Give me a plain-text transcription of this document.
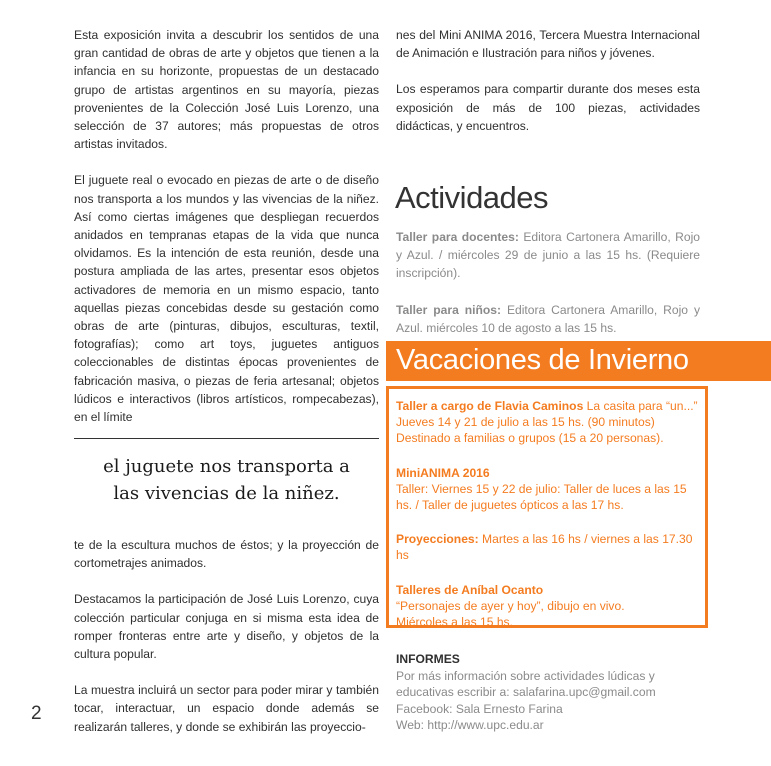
Esta exposición invita a descubrir los sentidos de una gran cantidad de obras de arte y objetos que tienen a la infancia en su horizonte, propuestas de un destacado grupo de artistas argentinos en su mayoría, piezas provenientes de la Colección José Luis Lorenzo, una selección de 37 autores; más propuestas de otros artistas invitados.

El juguete real o evocado en piezas de arte o de diseño nos transporta a los mundos y las vivencias de la niñez. Así como ciertas imágenes que despliegan recuerdos anidados en tempranas etapas de la vida que nunca olvidamos. Es la intención de esta reunión, desde una postura ampliada de las artes, presentar esos objetos activadores de memoria en un mismo espacio, tanto aquellas piezas concebidas desde su gestación como obras de arte (pinturas, dibujos, esculturas, textil, fotografías); como art toys, juguetes antiguos coleccionables de distintas épocas provenientes de fabricación masiva, o piezas de feria artesanal; objetos lúdicos e interactivos (libros artísticos, rompecabezas), en el límite

el juguete nos transporta a
las vivencias de la niñez.

te de la escultura muchos de éstos; y la proyección de cortometrajes animados.

Destacamos la participación de José Luis Lorenzo, cuya colección particular conjuga en si misma esta idea de romper fronteras entre arte y diseño, y objetos de la cultura popular.

La muestra incluirá un sector para poder mirar y también tocar, interactuar, un espacio donde además se realizarán talleres, y donde se exhibirán las proyeccio-

2

nes del Mini ANIMA 2016, Tercera Muestra Internacional de Animación e Ilustración para niños y jóvenes.

Los esperamos para compartir durante dos meses esta exposición de más de 100 piezas, actividades didácticas, y encuentros.

Actividades

Taller para docentes: Editora Cartonera Amarillo, Rojo y Azul. / miércoles 29 de junio a las 15 hs. (Requiere inscripción).

Taller para niños: Editora Cartonera Amarillo, Rojo y Azul. miércoles 10 de agosto a las 15 hs.

Vacaciones de Invierno
Taller a cargo de Flavia Caminos La casita para “un...”
Jueves 14 y 21 de julio a las 15 hs. (90 minutos)
Destinado a familias o grupos (15 a 20 personas).
MiniANIMA 2016
Taller: Viernes 15 y 22 de julio: Taller de luces a las 15 hs. / Taller de juguetes ópticos a las 17 hs.
Proyecciones: Martes a las 16 hs / viernes a las 17.30 hs
Talleres de Aníbal Ocanto
“Personajes de ayer y hoy”, dibujo en vivo.
Miércoles a las 15 hs.
INFORMES
Por más información sobre actividades lúdicas y educativas escribir a: salafarina.upc@gmail.com
Facebook: Sala Ernesto Farina
Web: http://www.upc.edu.ar
